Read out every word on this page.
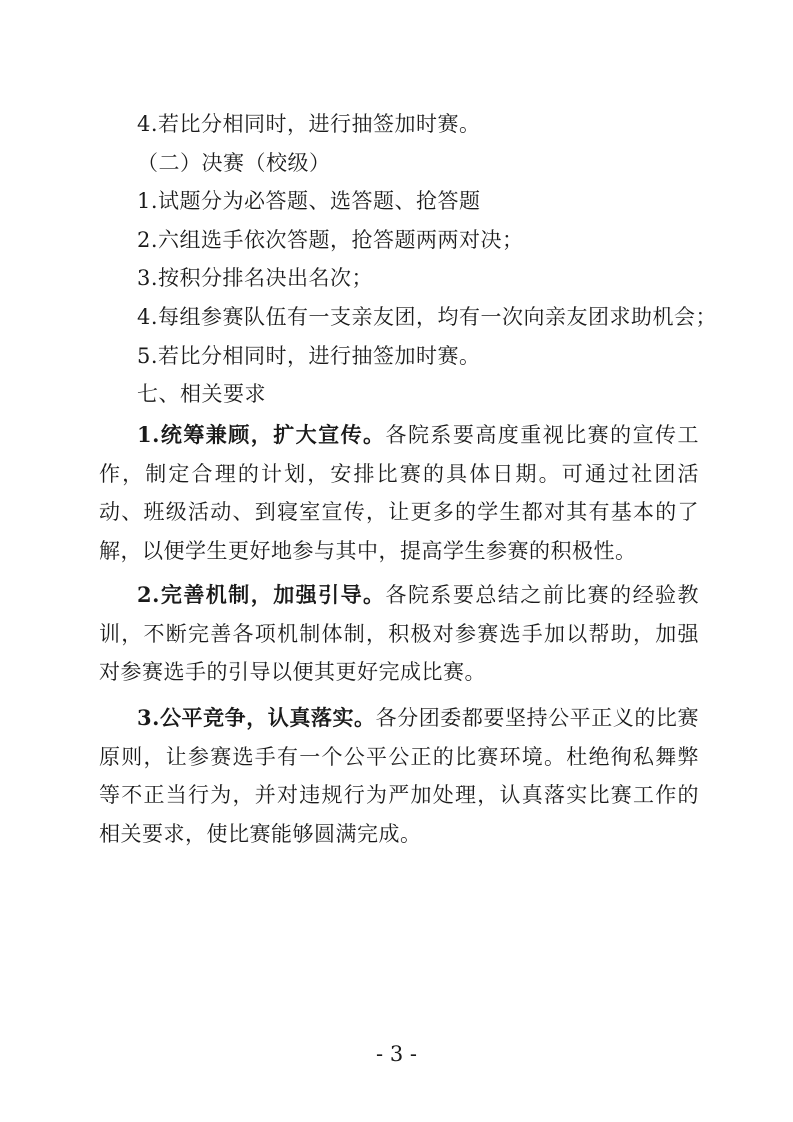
4.若比分相同时，进行抽签加时赛。
（二）决赛（校级）
1.试题分为必答题、选答题、抢答题
2.六组选手依次答题，抢答题两两对决；
3.按积分排名决出名次；
4.每组参赛队伍有一支亲友团，均有一次向亲友团求助机会；
5.若比分相同时，进行抽签加时赛。
七、相关要求
1.统筹兼顾，扩大宣传。各院系要高度重视比赛的宣传工作，制定合理的计划，安排比赛的具体日期。可通过社团活动、班级活动、到寝室宣传，让更多的学生都对其有基本的了解，以便学生更好地参与其中，提高学生参赛的积极性。
2.完善机制，加强引导。各院系要总结之前比赛的经验教训，不断完善各项机制体制，积极对参赛选手加以帮助，加强对参赛选手的引导以便其更好完成比赛。
3.公平竞争，认真落实。各分团委都要坚持公平正义的比赛原则，让参赛选手有一个公平公正的比赛环境。杜绝徇私舞弊等不正当行为，并对违规行为严加处理，认真落实比赛工作的相关要求，使比赛能够圆满完成。
- 3 -
